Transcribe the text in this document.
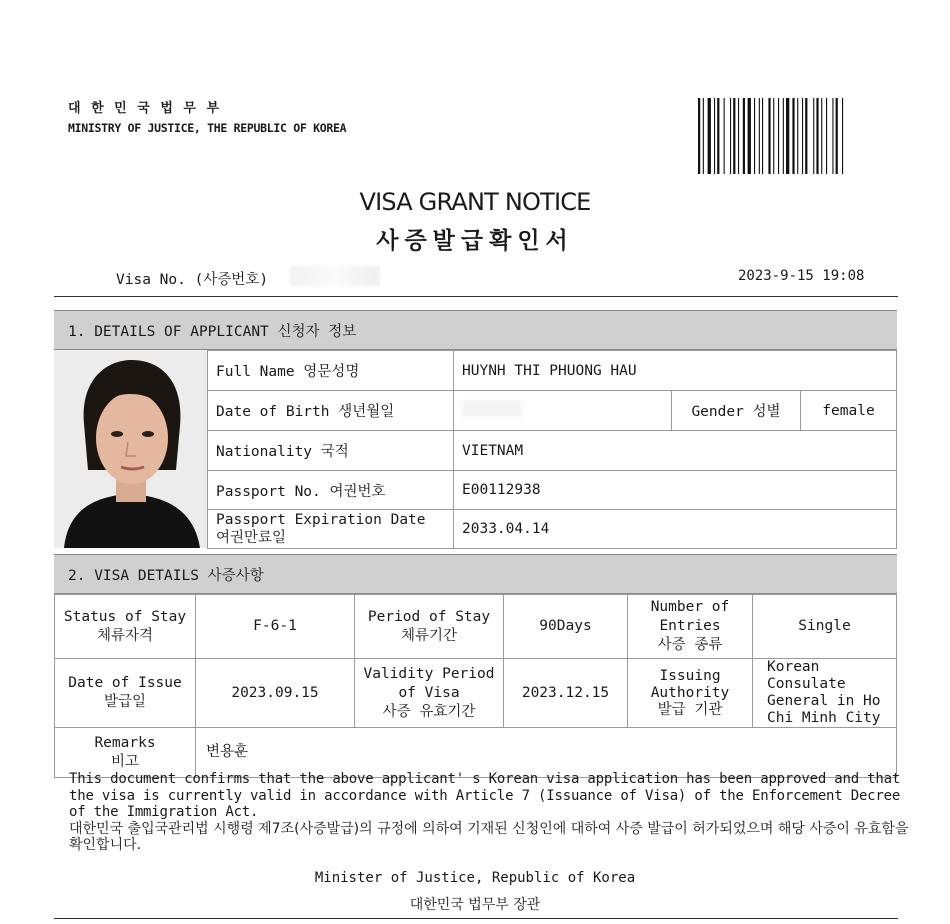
대 한 민 국 법 무 부
MINISTRY OF JUSTICE, THE REPUBLIC OF KOREA
VISA GRANT NOTICE
사증발급확인서
Visa No. (사증번호)	2023-9-15 19:08
1. DETAILS OF APPLICANT 신청자 정보
Full Name 영문성명	HUYNH THI PHUONG HAU		
Date of Birth 생년월일		Gender 성별	female
Nationality 국적	VIETNAM		
Passport No. 여권번호	E00112938		
Passport Expiration Date
여권만료일	2033.04.14		
2. VISA DETAILS 사증사항
Status of Stay
체류자격	F-6-1	Period of Stay
체류기간	90Days	Number of
Entries
사증 종류	Single
Date of Issue
발급일	2023.09.15	Validity Period
of Visa
사증 유효기간	2023.12.15	Issuing
Authority
발급 기관	Korean Consulate
General in Ho
Chi Minh City
Remarks
비고	변용훈				
This document confirms that the above applicant' s Korean visa application has been approved and that the visa is currently valid in accordance with Article 7 (Issuance of Visa) of the Enforcement Decree of the Immigration Act.
대한민국 출입국관리법 시행령 제7조(사증발급)의 규정에 의하여 기재된 신청인에 대하여 사증 발급이 허가되었으며 해당 사증이 유효함을 확인합니다.
Minister of Justice, Republic of Korea
대한민국 법무부 장관
